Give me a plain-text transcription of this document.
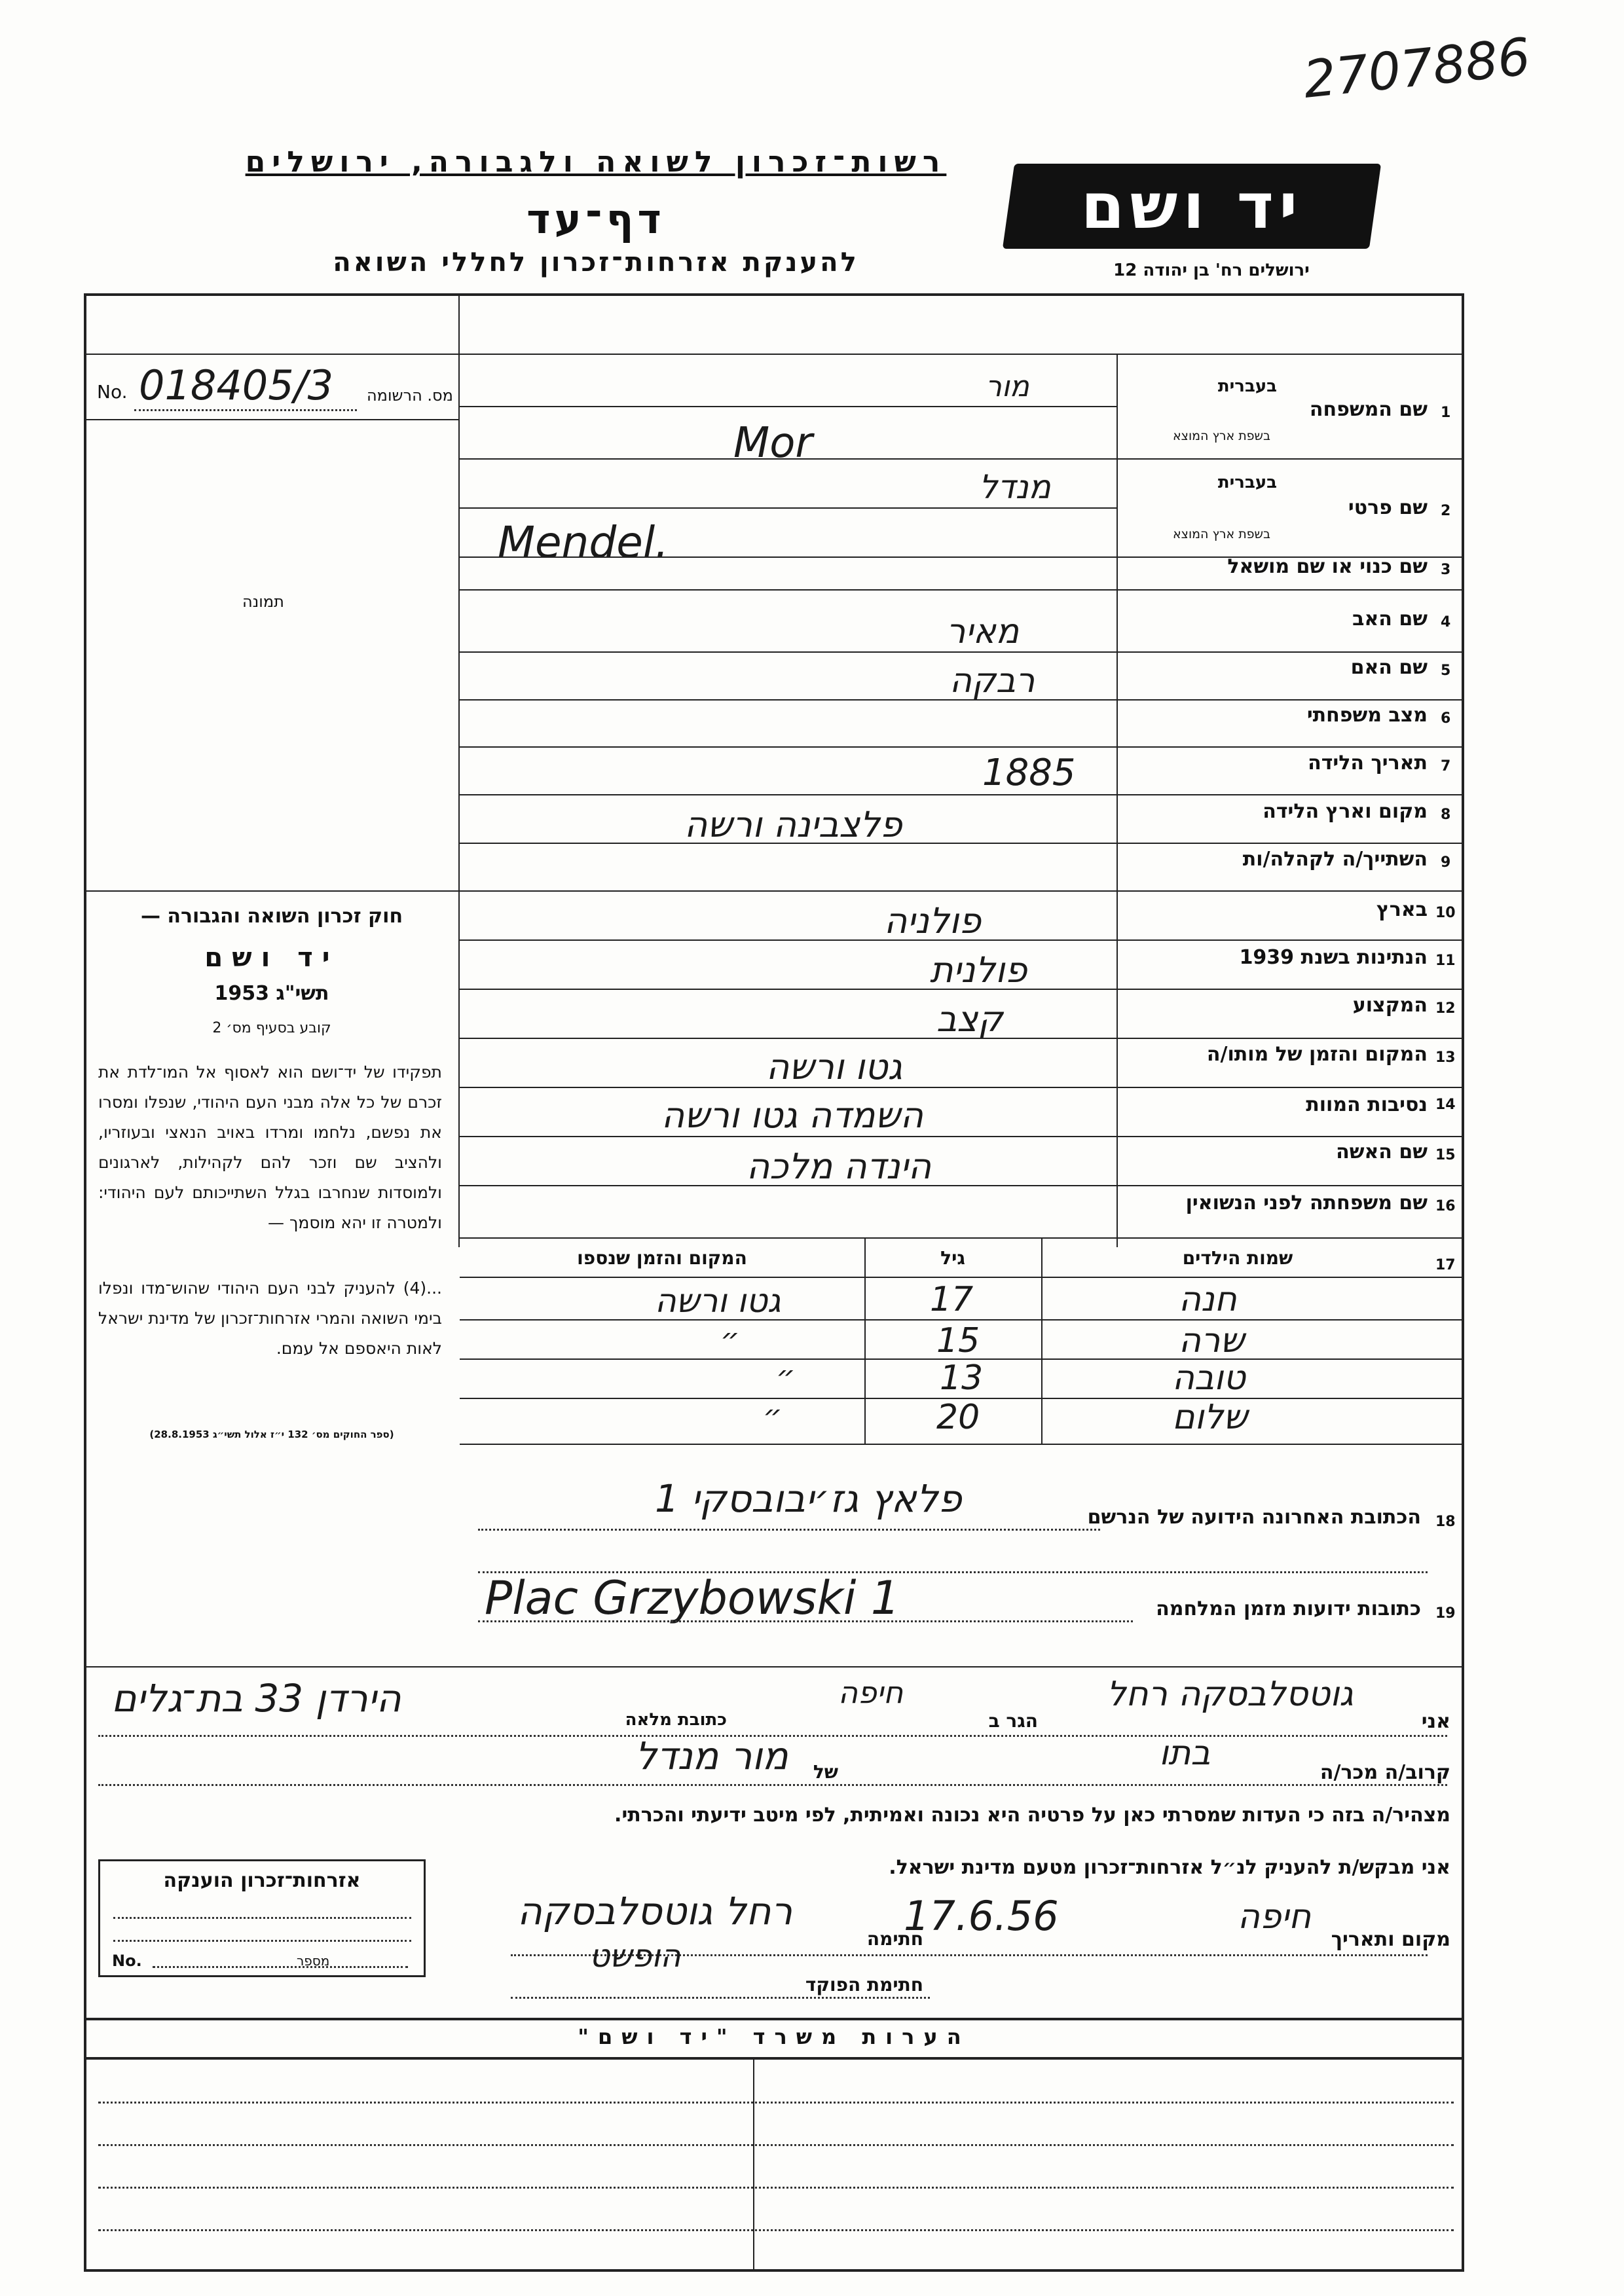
2707886
רשות־זכרון לשואה ולגבורה, ירושלים
דף־עד
להענקת אזרחות־זכרון לחללי השואה
יד ושם
ירושלים רח' בן יהודה 12
מס. הרשומה
No. 018405/3
תמונה
חוק זכרון השואה והגבורה —
יד ושם
תשי"ג 1953
קובע בסעיף מס׳ 2
תפקידו של יד־ושם הוא לאסוף אל המו־לדת את זכרם של כל אלה מבני העם היהודי, שנפלו ומסרו את נפשם, נלחמו ומרדו באויב הנאצי ובעוזריו, ולהציב שם וזכר להם לקהילות, לארגונים ולמוסדות שנחרבו בגלל השתייכותם לעם היהודי: ולמטרה זו יהא מוסמך —
...(4) להעניק לבני העם היהודי שהוש־מדו ונפלו בימי השואה והמרי אזרחות־זכרון של מדינת ישראל לאות היאספם אל עמם.
(ספר החוקים מס׳ 132 י״ז אלול תשי״ג 28.8.1953)
1
שם המשפחה
בעברית
בשפת ארץ המוצא
מור
Mor
2
שם פרטי
בעברית
בשפת ארץ המוצא
מנדל
Mendel.
3
שם כנוי או שם מושאל
4
שם האב
מאיר
5
שם האם
רבקה
6
מצב משפחתי
7
תאריך הלידה
1885
8
מקום וארץ הלידה
פלצבינה ורשה
9
השתייך/ה לקהלה/ות
10
בארץ
פולניה
11
הנתינות בשנת 1939
פולנית
12
המקצוע
קצב
13
המקום והזמן של מותו/ה
גטו ורשה
14
נסיבות המוות
השמדה גטו ורשה
15
שם האשה
הינדה מלכה
16
שם משפחתה לפני הנשואין
17
שמות הילדים
גיל
המקום והזמן שנספו
חנה
17
גטו ורשה
שרה
15
״
טובה
13
״
שלום
20
״
18
הכתובת האחרונה הידועה של הנרשם
פלאץ גז׳יבובסקי 1
19
כתובות ידועות מזמן המלחמה
Plac Grzybowski 1
אני
גוטסלבסקה רחל
הגר ב
חיפה
כתובת מלאה
הירדן 33 בת־גלים
קרוב/ה מכר/ה
בתו
של
מור מנדל
מצהיר/ה בזה כי העדות שמסרתי כאן על פרטיה היא נכונה ואמיתית, לפי מיטב ידיעתי והכרתי.
אני מבקש/ת להעניק לנ״ל אזרחות־זכרון מטעם מדינת ישראל.
אזרחות־זכרון הוענקה
No.	מספר
מקום ותאריך
חיפה
17.6.56
חתימה
רחל גוטסלבסקה
חתימת הפוקד
הופשט
הערות משרד "יד ושם"
